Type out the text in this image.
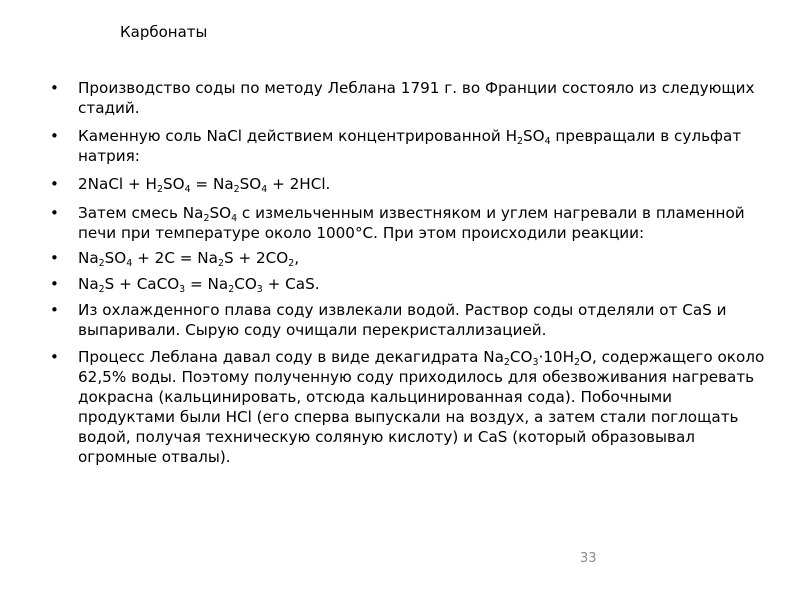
Карбонаты
• Производство соды по методу Леблана 1791 г. во Франции состояло из следующих стадий.
• Каменную соль NaCl действием концентрированной $H_2SO_4$ превращали в сульфат натрия:
• 2NaCl + $H_2SO_4 = Na_2SO_4 + 2HCl$.
• Затем смесь $Na_2SO_4$ с измельченным известняком и углем нагревали в пламенной печи при температуре около 1000°С. При этом происходили реакции:
• $Na_2SO_4 + 2C = Na_2S + 2CO_2$,
• $Na_2S$ + CaCO$_3$ = $Na_2CO_3$ + CaS.
• Из охлажденного плава соду извлекали водой. Раствор соды отделяли от CaS и выпаривали. Сырую соду очищали перекристаллизацией.
• Процесс Леблана давал соду в виде декагидрата $Na_2CO_3\cdot 10H_2O$, содержащего около 62,5% воды. Поэтому полученную соду приходилось для обезвоживания нагревать докрасна (кальцинировать, отсюда кальцинированная сода). Побочными продуктами были HCl (его сперва выпускали на воздух, а затем стали поглощать водой, получая техническую соляную кислоту) и CaS (который образовывал огромные отвалы).
33
